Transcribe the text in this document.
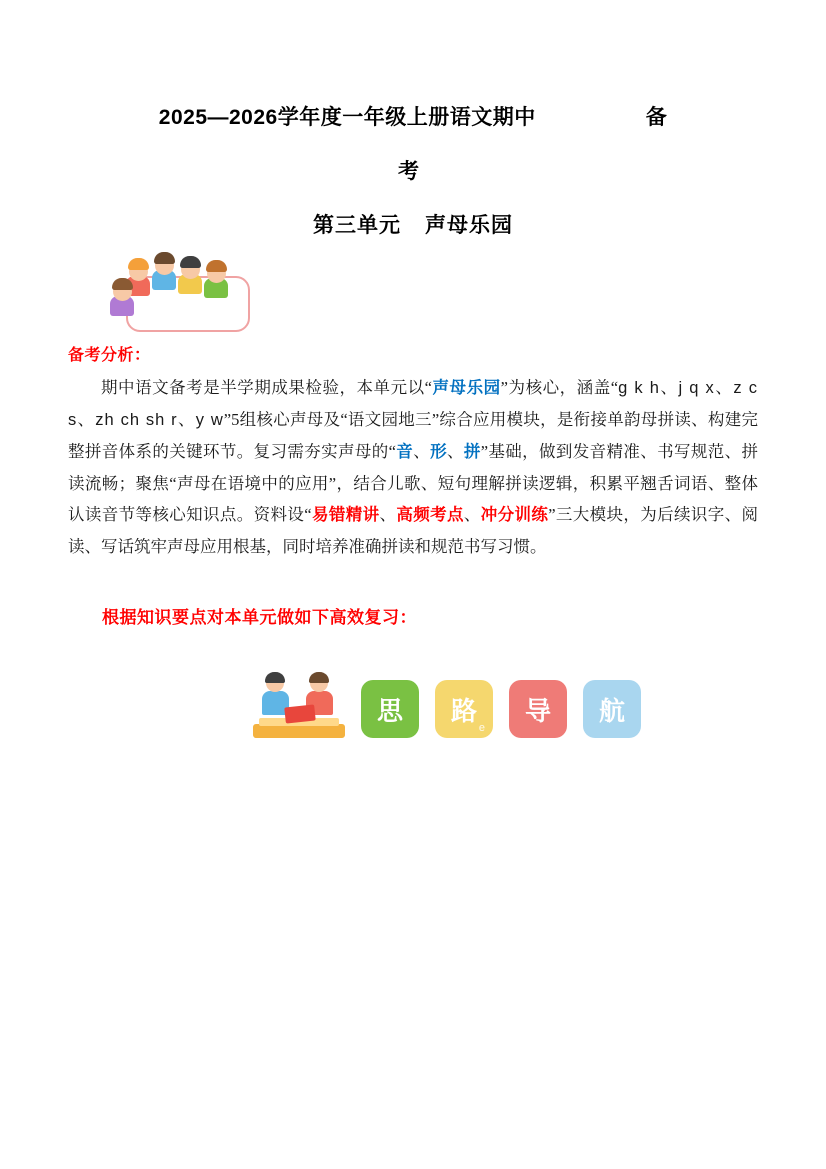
2025—2026学年度一年级上册语文期中	备
考
第三单元 声母乐园
备考分析：
期中语文备考是半学期成果检验，本单元以“声母乐园”为核心，涵盖“g k h、j q x、z c s、zh ch sh r、y w”5组核心声母及“语文园地三”综合应用模块，是衔接单韵母拼读、构建完整拼音体系的关键环节。复习需夯实声母的“音、形、拼”基础，做到发音精准、书写规范、拼读流畅；聚焦“声母在语境中的应用”，结合儿歌、短句理解拼读逻辑，积累平翘舌词语、整体认读音节等核心知识点。资料设“易错精讲、高频考点、冲分训练”三大模块，为后续识字、阅读、写话筑牢声母应用根基，同时培养准确拼读和规范书写习惯。
根据知识要点对本单元做如下高效复习：
思 路
e
导 航
